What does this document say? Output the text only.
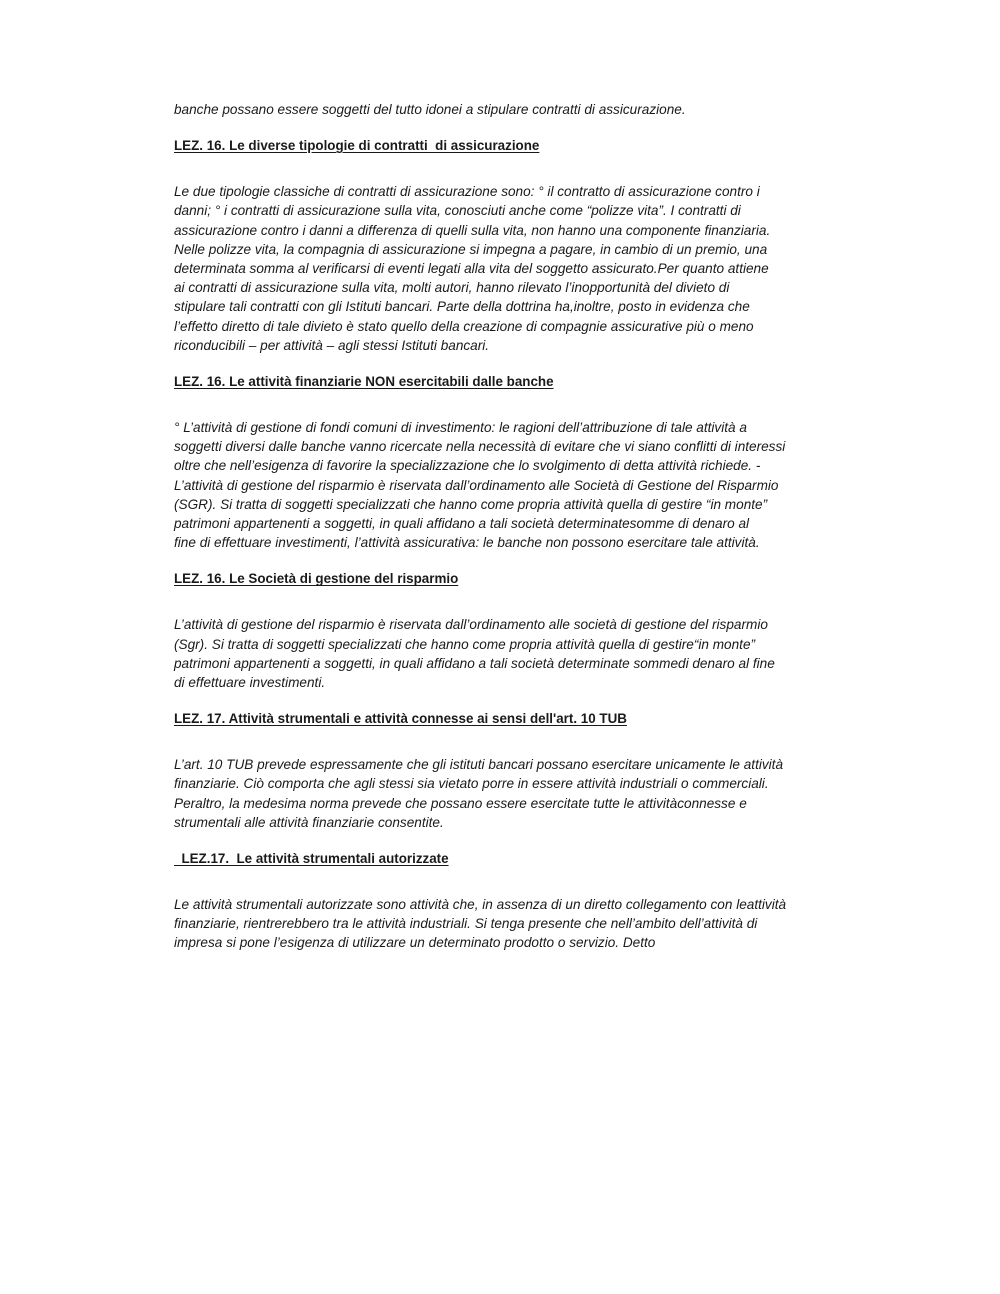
banche possano essere soggetti del tutto idonei a stipulare contratti di assicurazione.

LEZ. 16. Le diverse tipologie di contratti  di assicurazione

Le due tipologie classiche di contratti di assicurazione sono: ° il contratto di assicurazione contro i
danni; ° i contratti di assicurazione sulla vita, conosciuti anche come “polizze vita”. I contratti di
assicurazione contro i danni a differenza di quelli sulla vita, non hanno una componente finanziaria.
Nelle polizze vita, la compagnia di assicurazione si impegna a pagare, in cambio di un premio, una
determinata somma al verificarsi di eventi legati alla vita del soggetto assicurato.Per quanto attiene
ai contratti di assicurazione sulla vita, molti autori, hanno rilevato l’inopportunità del divieto di
stipulare tali contratti con gli Istituti bancari. Parte della dottrina ha,inoltre, posto in evidenza che
l’effetto diretto di tale divieto è stato quello della creazione di compagnie assicurative più o meno
riconducibili – per attività – agli stessi Istituti bancari.

LEZ. 16. Le attività finanziarie NON esercitabili dalle banche

° L’attività di gestione di fondi comuni di investimento: le ragioni dell’attribuzione di tale attività a
soggetti diversi dalle banche vanno ricercate nella necessità di evitare che vi siano conflitti di interessi
oltre che nell’esigenza di favorire la specializzazione che lo svolgimento di detta attività richiede. -
L’attività di gestione del risparmio è riservata dall’ordinamento alle Società di Gestione del Risparmio
(SGR). Si tratta di soggetti specializzati che hanno come propria attività quella di gestire “in monte”
patrimoni appartenenti a soggetti, in quali affidano a tali società determinatesomme di denaro al
fine di effettuare investimenti, l’attività assicurativa: le banche non possono esercitare tale attività.

LEZ. 16. Le Società di gestione del risparmio

L’attività di gestione del risparmio è riservata dall’ordinamento alle società di gestione del risparmio
(Sgr). Si tratta di soggetti specializzati che hanno come propria attività quella di gestire“in monte”
patrimoni appartenenti a soggetti, in quali affidano a tali società determinate sommedi denaro al fine
di effettuare investimenti.

LEZ. 17. Attività strumentali e attività connesse ai sensi dell'art. 10 TUB

L’art. 10 TUB prevede espressamente che gli istituti bancari possano esercitare unicamente le attività
finanziarie. Ciò comporta che agli stessi sia vietato porre in essere attività industriali o commerciali.
Peraltro, la medesima norma prevede che possano essere esercitate tutte le attivitàconnesse e
strumentali alle attività finanziarie consentite.

LEZ.17.  Le attività strumentali autorizzate

Le attività strumentali autorizzate sono attività che, in assenza di un diretto collegamento con leattività
finanziarie, rientrerebbero tra le attività industriali. Si tenga presente che nell’ambito dell’attività di
impresa si pone l’esigenza di utilizzare un determinato prodotto o servizio. Detto
